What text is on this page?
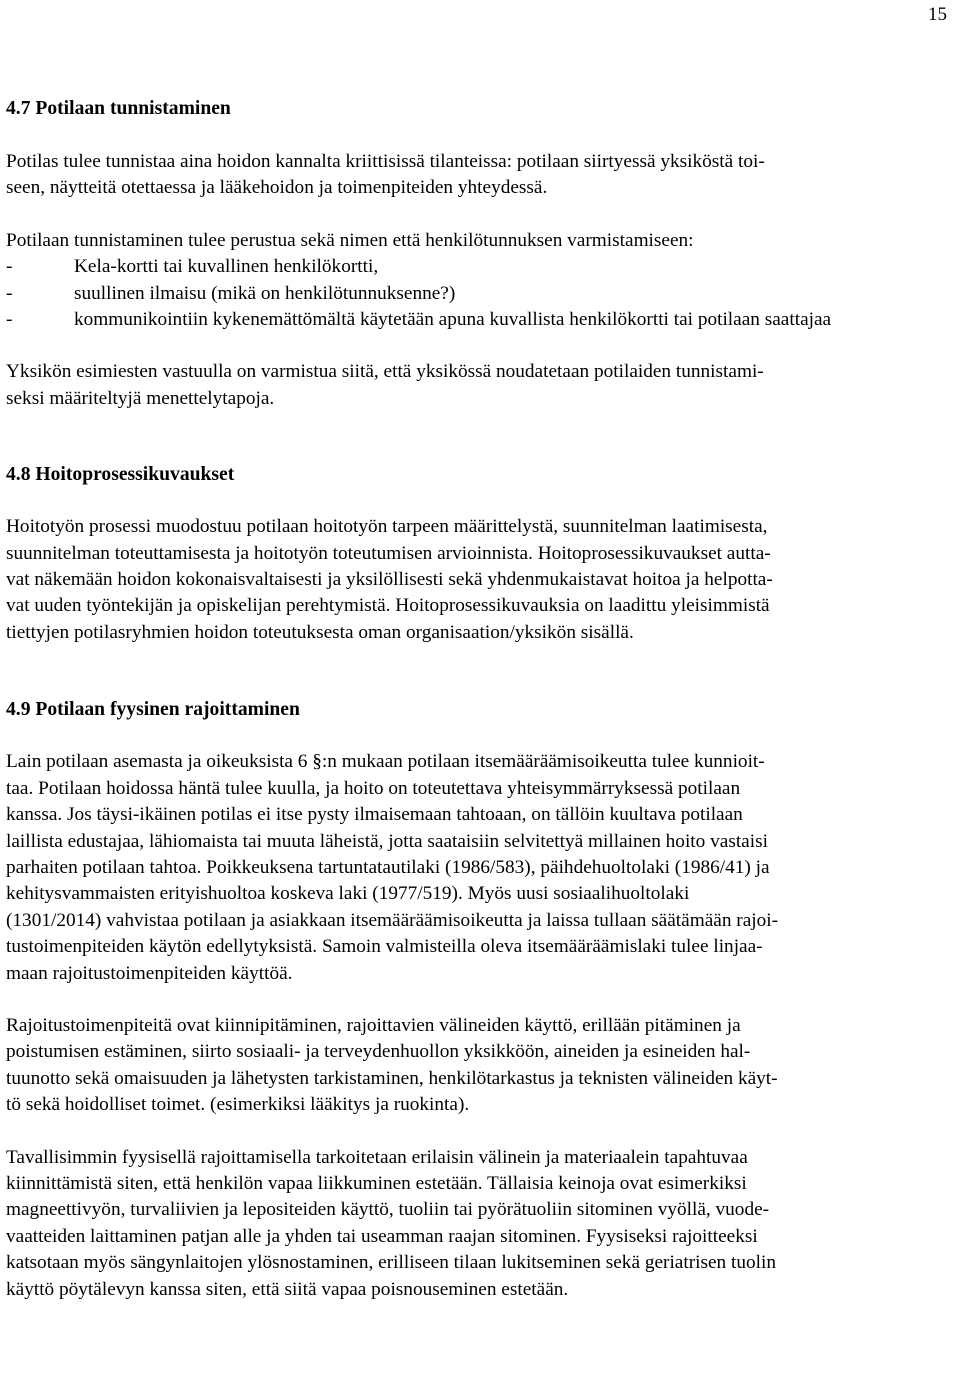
15
4.7 Potilaan tunnistaminen

Potilas tulee tunnistaa aina hoidon kannalta kriittisissä tilanteissa: potilaan siirtyessä yksiköstä toi-
seen, näytteitä otettaessa ja lääkehoidon ja toimenpiteiden yhteydessä.

Potilaan tunnistaminen tulee perustua sekä nimen että henkilötunnuksen varmistamiseen:

-	Kela-kortti tai kuvallinen henkilökortti,
-	suullinen ilmaisu (mikä on henkilötunnuksenne?)
-	kommunikointiin kykenemättömältä käytetään apuna kuvallista henkilökortti tai potilaan saattajaa

Yksikön esimiesten vastuulla on varmistua siitä, että yksikössä noudatetaan potilaiden tunnistami-
seksi määriteltyjä menettelytapoja.

4.8 Hoitoprosessikuvaukset

Hoitotyön prosessi muodostuu potilaan hoitotyön tarpeen määrittelystä, suunnitelman laatimisesta,
suunnitelman toteuttamisesta ja hoitotyön toteutumisen arvioinnista. Hoitoprosessikuvaukset autta-
vat näkemään hoidon kokonaisvaltaisesti ja yksilöllisesti sekä yhdenmukaistavat hoitoa ja helpotta-
vat uuden työntekijän ja opiskelijan perehtymistä. Hoitoprosessikuvauksia on laadittu yleisimmistä
tiettyjen potilasryhmien hoidon toteutuksesta oman organisaation/yksikön sisällä.

4.9 Potilaan fyysinen rajoittaminen

Lain potilaan asemasta ja oikeuksista 6 §:n mukaan potilaan itsemääräämisoikeutta tulee kunnioit-
taa. Potilaan hoidossa häntä tulee kuulla, ja hoito on toteutettava yhteisymmärryksessä potilaan
kanssa. Jos täysi-ikäinen potilas ei itse pysty ilmaisemaan tahtoaan, on tällöin kuultava potilaan
laillista edustajaa, lähiomaista tai muuta läheistä, jotta saataisiin selvitettyä millainen hoito vastaisi
parhaiten potilaan tahtoa. Poikkeuksena tartuntatautilaki (1986/583), päihdehuoltolaki (1986/41) ja
kehitysvammaisten erityishuoltoa koskeva laki (1977/519). Myös uusi sosiaalihuoltolaki
(1301/2014) vahvistaa potilaan ja asiakkaan itsemääräämisoikeutta ja laissa tullaan säätämään rajoi-
tustoimenpiteiden käytön edellytyksistä. Samoin valmisteilla oleva itsemääräämislaki tulee linjaa-
maan rajoitustoimenpiteiden käyttöä.

Rajoitustoimenpiteitä ovat kiinnipitäminen, rajoittavien välineiden käyttö, erillään pitäminen ja
poistumisen estäminen, siirto sosiaali- ja terveydenhuollon yksikköön, aineiden ja esineiden hal-
tuunotto sekä omaisuuden ja lähetysten tarkistaminen, henkilötarkastus ja teknisten välineiden käyt-
tö sekä hoidolliset toimet. (esimerkiksi lääkitys ja ruokinta).

Tavallisimmin fyysisellä rajoittamisella tarkoitetaan erilaisin välinein ja materiaalein tapahtuvaa
kiinnittämistä siten, että henkilön vapaa liikkuminen estetään. Tällaisia keinoja ovat esimerkiksi
magneettivyön, turvaliivien ja lepositeiden käyttö, tuoliin tai pyörätuoliin sitominen vyöllä, vuode-
vaatteiden laittaminen patjan alle ja yhden tai useamman raajan sitominen. Fyysiseksi rajoitteeksi
katsotaan myös sängynlaitojen ylösnostaminen, erilliseen tilaan lukitseminen sekä geriatrisen tuolin
käyttö pöytälevyn kanssa siten, että siitä vapaa poisnouseminen estetään.
